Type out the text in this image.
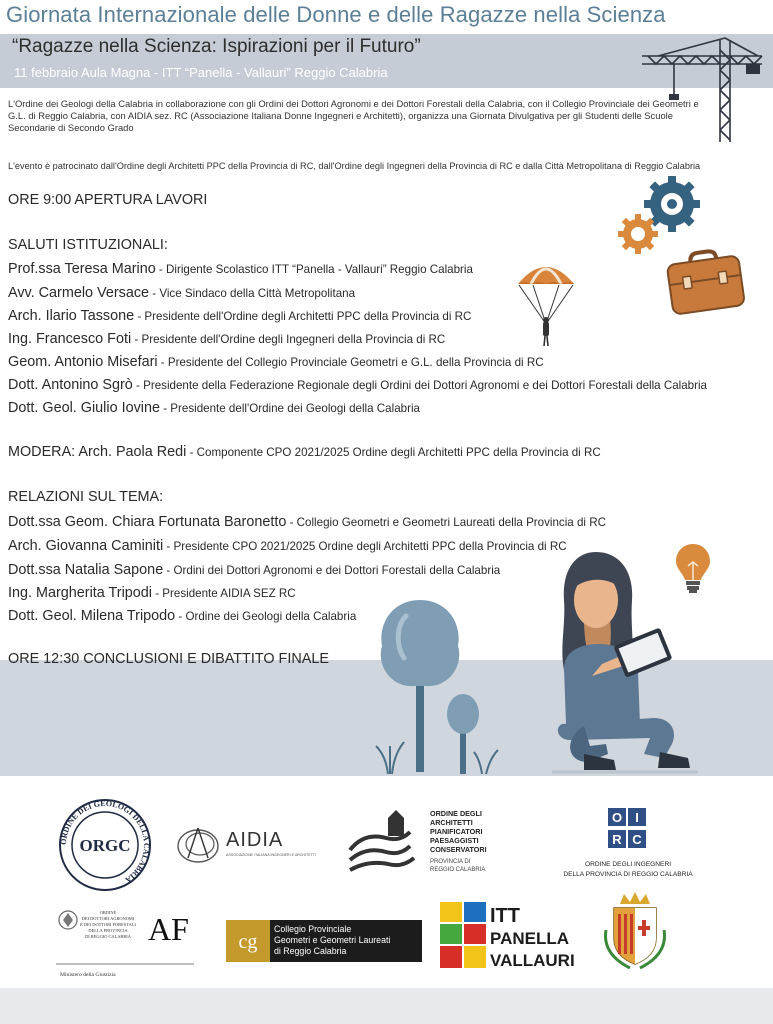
Giornata Internazionale delle Donne e delle Ragazze nella Scienza
“Ragazze nella Scienza: Ispirazioni per il Futuro”
11 febbraio Aula Magna - ITT “Panella - Vallauri” Reggio Calabria
L'Ordine dei Geologi della Calabria in collaborazione con gli Ordini dei Dottori Agronomi e dei Dottori Forestali della Calabria, con il Collegio Provinciale dei Geometri e G.L. di Reggio Calabria, con AIDIA sez. RC (Associazione Italiana Donne Ingegneri e Architetti), organizza una Giornata Divulgativa per gli Studenti delle Scuole Secondarie di Secondo Grado
L'evento è patrocinato dall'Ordine degli Architetti PPC della Provincia di RC, dall'Ordine degli Ingegneri della Provincia di RC e dalla Città Metropolitana di Reggio Calabria
ORE 9:00 APERTURA LAVORI
SALUTI ISTITUZIONALI:
Prof.ssa Teresa Marino - Dirigente Scolastico ITT “Panella - Vallauri” Reggio Calabria
Avv. Carmelo Versace - Vice Sindaco della Città Metropolitana
Arch. Ilario Tassone - Presidente dell'Ordine degli Architetti PPC della Provincia di RC
Ing. Francesco Foti - Presidente dell'Ordine degli Ingegneri della Provincia di RC
Geom. Antonio Misefari - Presidente del Collegio Provinciale Geometri e G.L. della Provincia di RC
Dott. Antonino Sgrò - Presidente della Federazione Regionale degli Ordini dei Dottori Agronomi e dei Dottori Forestali della Calabria
Dott. Geol. Giulio Iovine - Presidente dell'Ordine dei Geologi della Calabria
MODERA: Arch. Paola Redi - Componente CPO 2021/2025 Ordine degli Architetti PPC della Provincia di RC
RELAZIONI SUL TEMA:
Dott.ssa Geom. Chiara Fortunata Baronetto - Collegio Geometri e Geometri Laureati della Provincia di RC
Arch. Giovanna Caminiti - Presidente CPO 2021/2025 Ordine degli Architetti PPC della Provincia di RC
Dott.ssa Natalia Sapone - Ordini dei Dottori Agronomi e dei Dottori Forestali della Calabria
Ing. Margherita Tripodi - Presidente AIDIA SEZ RC
Dott. Geol. Milena Tripodo - Ordine dei Geologi della Calabria
ORE 12:30 CONCLUSIONI E DIBATTITO FINALE
ORDINE DEI GEOLOGI DELLA CALABRIA
ORGC	AIDIA
ASSOCIAZIONE ITALIANA INGEGNERI E ARCHITETTI
ORDINE DEGLI ARCHITETTI PIANIFICATORI PAESAGGISTI CONSERVATORI
PROVINCIA DI REGGIO CALABRIA
O I
R C
ORDINE DEGLI INGEGNERI
DELLA PROVINCIA DI REGGIO CALABRIA
ORDINE
DEI DOTTORI AGRONOMI
E DEI DOTTORI FORESTALI
DELLA PROVINCIA
DI REGGIO CALABRIA AF
Ministero della Giustizia
cg
Collegio Provinciale
Geometri e Geometri Laureati
di Reggio Calabria
ITT
PANELLA
VALLAURI
